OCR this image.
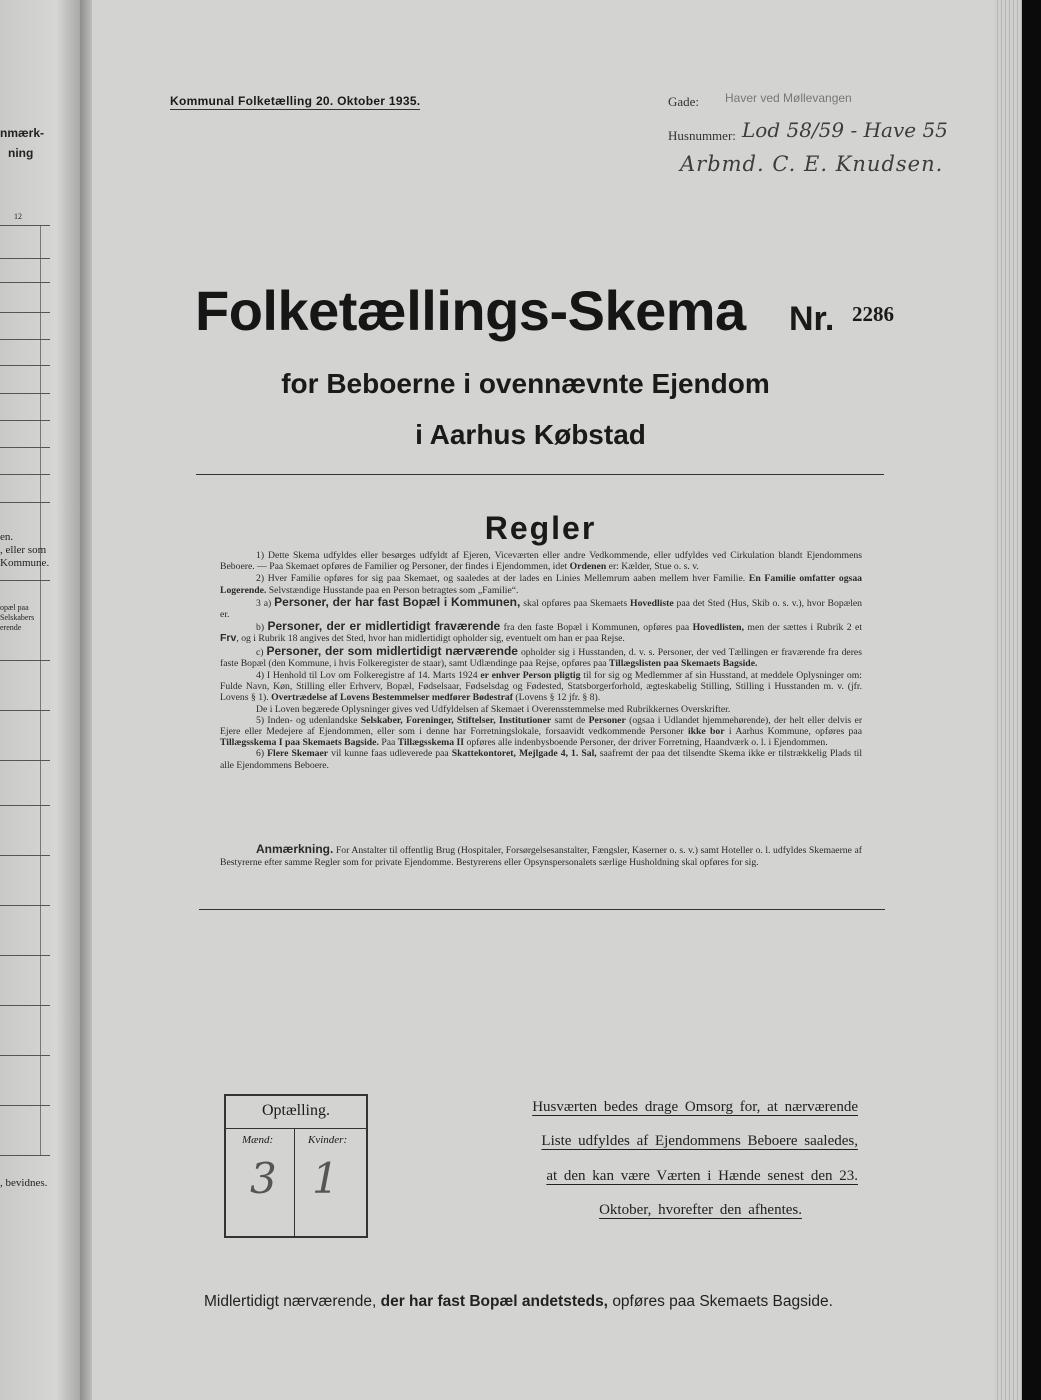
nmærk-
ning
12
en.
, eller som
Kommune.
opæl paa
Selskabers
erende
, bevidnes.
Kommunal Folketælling 20. Oktober 1935.	Gade: Haver ved Møllevangen
Husnummer: Lod 58/59 - Have 55
Arbmd. C. E. Knudsen.
Folketællings-Skema Nr. 2286
for Beboerne i ovennævnte Ejendom
i Aarhus Købstad
Regler

1) Dette Skema udfyldes eller besørges udfyldt af Ejeren, Viceværten eller andre Vedkommende, eller udfyldes ved Cirkulation blandt Ejendommens Beboere. — Paa Skemaet opføres de Familier og Personer, der findes i Ejendommen, idet Ordenen er: Kælder, Stue o. s. v.

2) Hver Familie opføres for sig paa Skemaet, og saaledes at der lades en Linies Mellemrum aaben mellem hver Familie. En Familie omfatter ogsaa Logerende. Selvstændige Husstande paa en Person betragtes som „Familie“.

3 a) Personer, der har fast Bopæl i Kommunen, skal opføres paa Skemaets Hovedliste paa det Sted (Hus, Skib o. s. v.), hvor Bopælen er.

b) Personer, der er midlertidigt fraværende fra den faste Bopæl i Kommunen, opføres paa Hovedlisten, men der sættes i Rubrik 2 et Frv, og i Rubrik 18 angives det Sted, hvor han midlertidigt opholder sig, eventuelt om han er paa Rejse.

c) Personer, der som midlertidigt nærværende opholder sig i Husstanden, d. v. s. Personer, der ved Tællingen er fraværende fra deres faste Bopæl (den Kommune, i hvis Folkeregister de staar), samt Udlændinge paa Rejse, opføres paa Tillægslisten paa Skemaets Bagside.

4) I Henhold til Lov om Folkeregistre af 14. Marts 1924 er enhver Person pligtig til for sig og Medlemmer af sin Husstand, at meddele Oplysninger om: Fulde Navn, Køn, Stilling eller Erhverv, Bopæl, Fødselsaar, Fødselsdag og Fødested, Statsborgerforhold, ægteskabelig Stilling, Stilling i Husstanden m. v. (jfr. Lovens § 1). Overtrædelse af Lovens Bestemmelser medfører Bødestraf (Lovens § 12 jfr. § 8).

De i Loven begærede Oplysninger gives ved Udfyldelsen af Skemaet i Overensstemmelse med Rubrikkernes Overskrifter.

5) Inden- og udenlandske Selskaber, Foreninger, Stiftelser, Institutioner samt de Personer (ogsaa i Udlandet hjemmehørende), der helt eller delvis er Ejere eller Medejere af Ejendommen, eller som i denne har Forretningslokale, forsaavidt vedkommende Personer ikke bor i Aarhus Kommune, opføres paa Tillægsskema I paa Skemaets Bagside. Paa Tillægsskema II opføres alle indenbysboende Personer, der driver Forretning, Haandværk o. l. i Ejendommen.

6) Flere Skemaer vil kunne faas udleverede paa Skattekontoret, Mejlgade 4, 1. Sal, saafremt der paa det tilsendte Skema ikke er tilstrækkelig Plads til alle Ejendommens Beboere.

Anmærkning. For Anstalter til offentlig Brug (Hospitaler, Forsørgelsesanstalter, Fængsler, Kaserner o. s. v.) samt Hoteller o. l. udfyldes Skemaerne af Bestyrerne efter samme Regler som for private Ejendomme. Bestyrerens eller Opsynspersonalets særlige Husholdning skal opføres for sig.

Optælling.
Mænd:	Kvinder:
3 1
Husværten bedes drage Omsorg for, at nærværende
Liste udfyldes af Ejendommens Beboere saaledes,
at den kan være Værten i Hænde senest den 23.
Oktober, hvorefter den afhentes.
Midlertidigt nærværende, der har fast Bopæl andetsteds, opføres paa Skemaets Bagside.
